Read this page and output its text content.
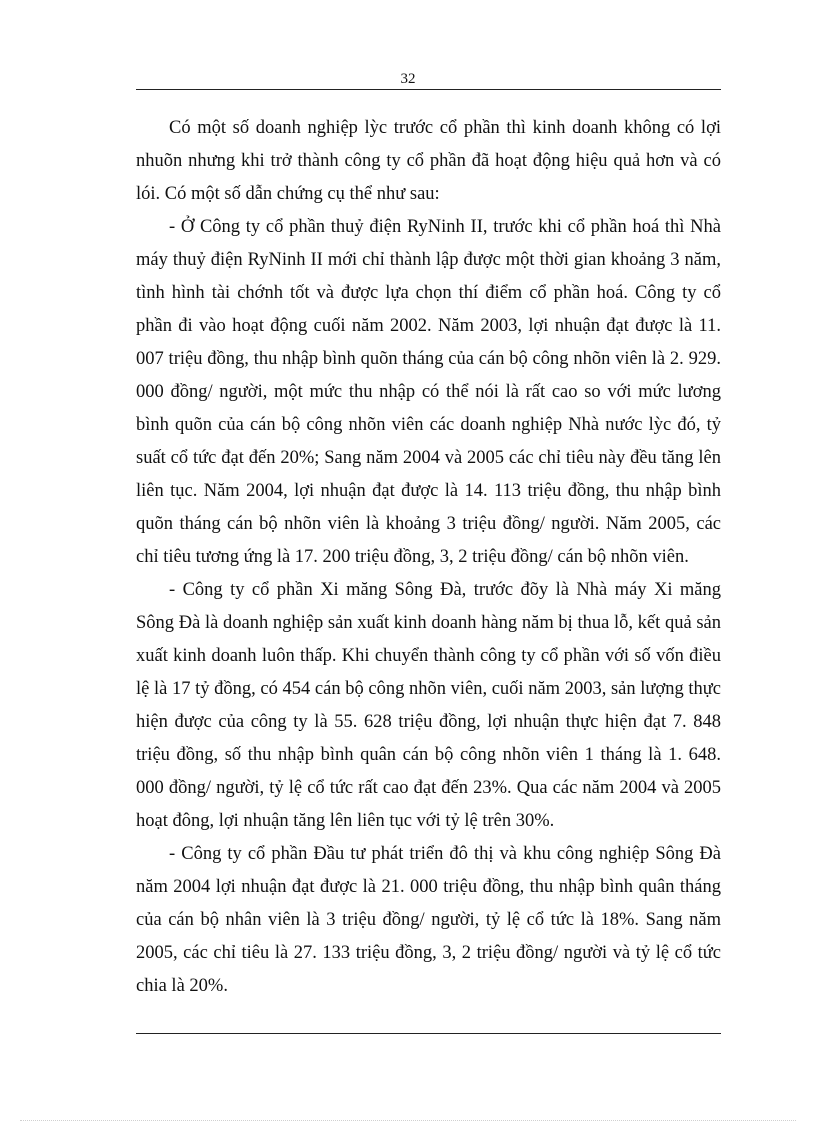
32

Có một số doanh nghiệp lỳc trước cổ phần thì kinh doanh không có lợi nhuõn nhưng khi trở thành công ty cổ phần đã hoạt động hiệu quả hơn và có lói. Có một số dẫn chứng cụ thể như sau:

- Ở Công ty cổ phần thuỷ điện RyNinh II, trước khi cổ phần hoá thì Nhà máy thuỷ điện RyNinh II mới chỉ thành lập được một thời gian khoảng 3 năm, tình hình tài chớnh tốt và được lựa chọn thí điểm cổ phần hoá. Công ty cổ phần đi vào hoạt động cuối năm 2002. Năm 2003, lợi nhuận đạt được là 11. 007 triệu đồng, thu nhập bình quõn tháng của cán bộ công nhõn viên là 2. 929. 000 đồng/ người, một mức thu nhập có thể nói là rất cao so với mức lương bình quõn của cán bộ công nhõn viên các doanh nghiệp Nhà nước lỳc đó, tỷ suất cổ tức đạt đến 20%; Sang năm 2004 và 2005 các chỉ tiêu này đều tăng lên liên tục. Năm 2004, lợi nhuận đạt được là 14. 113 triệu đồng, thu nhập bình quõn tháng cán bộ nhõn viên là khoảng 3 triệu đồng/ người. Năm 2005, các chỉ tiêu tương ứng là 17. 200 triệu đồng, 3, 2 triệu đồng/ cán bộ nhõn viên.

- Công ty cổ phần Xi măng Sông Đà, trước đõy là Nhà máy Xi măng Sông Đà là doanh nghiệp sản xuất kinh doanh hàng năm bị thua lỗ, kết quả sản xuất kinh doanh luôn thấp. Khi chuyển thành công ty cổ phần với số vốn điều lệ là 17 tỷ đồng, có 454 cán bộ công nhõn viên, cuối năm 2003, sản lượng thực hiện được của công ty là 55. 628 triệu đồng, lợi nhuận thực hiện đạt 7. 848 triệu đồng, số thu nhập bình quân cán bộ công nhõn viên 1 tháng là 1. 648. 000 đồng/ người, tỷ lệ cổ tức rất cao đạt đến 23%. Qua các năm 2004 và 2005 hoạt đông, lợi nhuận tăng lên liên tục với tỷ lệ trên 30%.

- Công ty cổ phần Đầu tư phát triển đô thị và khu công nghiệp Sông Đà năm 2004 lợi nhuận đạt được là 21. 000 triệu đồng, thu nhập bình quân tháng của cán bộ nhân viên là 3 triệu đồng/ người, tỷ lệ cổ tức là 18%. Sang năm 2005, các chỉ tiêu là 27. 133 triệu đồng, 3, 2 triệu đồng/ người và tỷ lệ cổ tức chia là 20%.
